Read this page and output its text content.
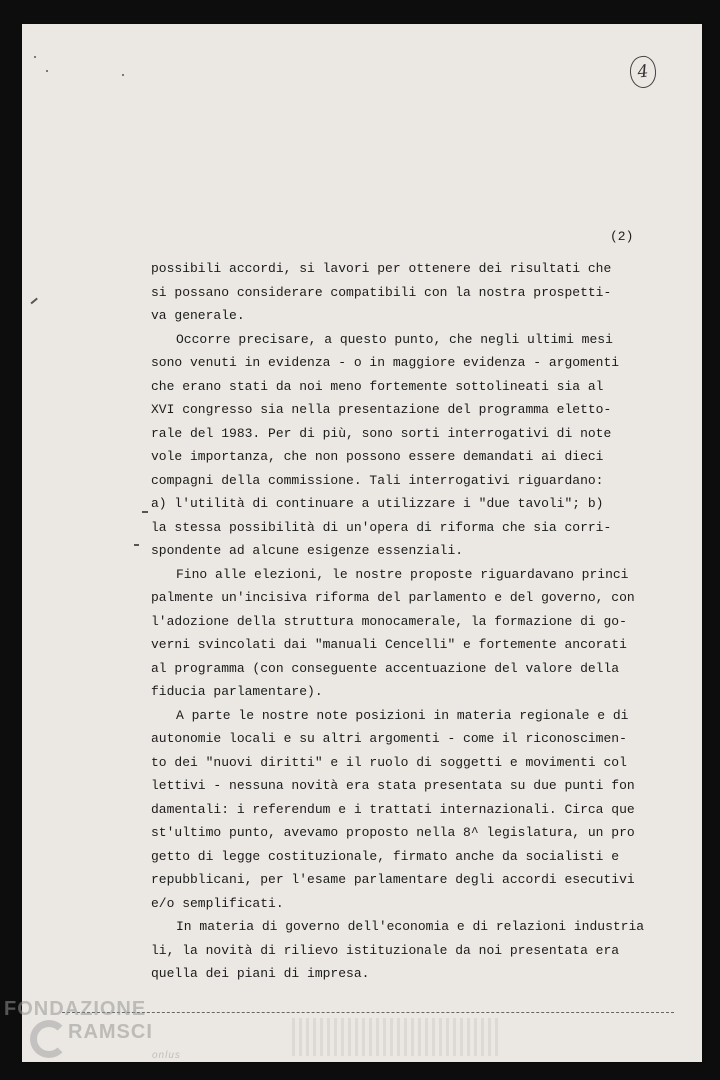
4
(2)

possibili accordi, si lavori per ottenere dei risultati che
si possano considerare compatibili con la nostra prospetti-
va generale.

Occorre precisare, a questo punto, che negli ultimi mesi
sono venuti in evidenza - o in maggiore evidenza - argomenti
che erano stati da noi meno fortemente sottolineati sia al
XVI congresso sia nella presentazione del programma eletto-
rale del 1983. Per di più, sono sorti interrogativi di note
vole importanza, che non possono essere demandati ai dieci
compagni della commissione. Tali interrogativi riguardano:
a) l'utilità di continuare a utilizzare i "due tavoli"; b)
la stessa possibilità di un'opera di riforma che sia corri-
spondente ad alcune esigenze essenziali.

Fino alle elezioni, le nostre proposte riguardavano princi
palmente un'incisiva riforma del parlamento e del governo, con
l'adozione della struttura monocamerale, la formazione di go-
verni svincolati dai "manuali Cencelli" e fortemente ancorati
al programma (con conseguente accentuazione del valore della
fiducia parlamentare).

A parte le nostre note posizioni in materia regionale e di
autonomie locali e su altri argomenti - come il riconoscimen-
to dei "nuovi diritti" e il ruolo di soggetti e movimenti col
lettivi - nessuna novità era stata presentata su due punti fon
damentali: i referendum e i trattati internazionali. Circa que
st'ultimo punto, avevamo proposto nella 8^ legislatura, un pro
getto di legge costituzionale, firmato anche da socialisti e
repubblicani, per l'esame parlamentare degli accordi esecutivi
e/o semplificati.

In materia di governo dell'economia e di relazioni industria
li, la novità di rilievo istituzionale da noi presentata era
quella dei piani di impresa.

FONDAZIONE
RAMSCI
onlus
